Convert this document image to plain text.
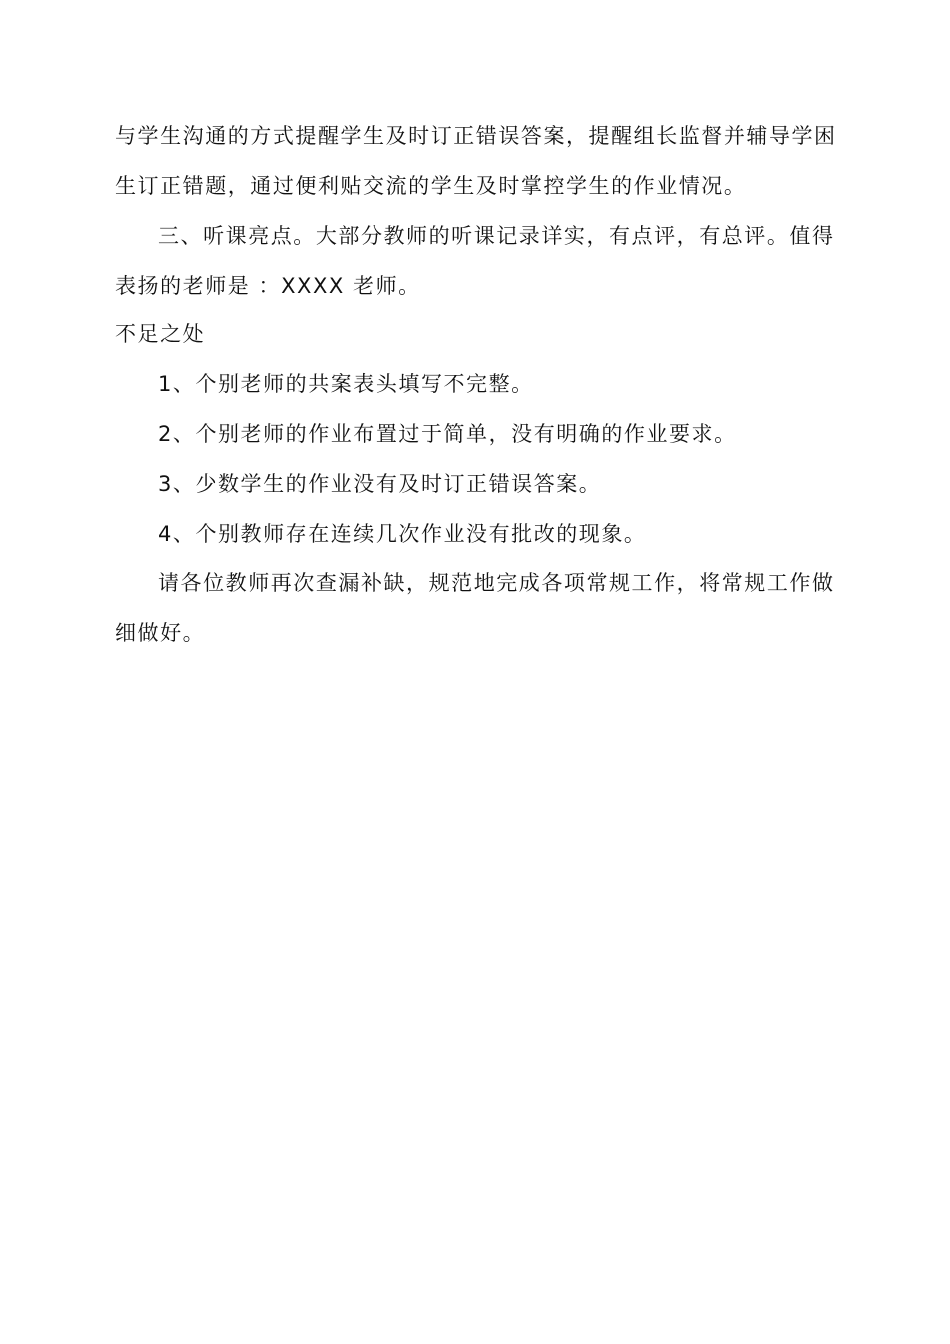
与学生沟通的方式提醒学生及时订正错误答案，提醒组长监督并辅导学困
生订正错题，通过便利贴交流的学生及时掌控学生的作业情况。
三、听课亮点。大部分教师的听课记录详实，有点评，有总评。值得
表扬的老师是 ：XXXX 老师。
不足之处
1、个别老师的共案表头填写不完整。
2、个别老师的作业布置过于简单，没有明确的作业要求。
3、少数学生的作业没有及时订正错误答案。
4、个别教师存在连续几次作业没有批改的现象。
请各位教师再次查漏补缺，规范地完成各项常规工作，将常规工作做
细做好。
